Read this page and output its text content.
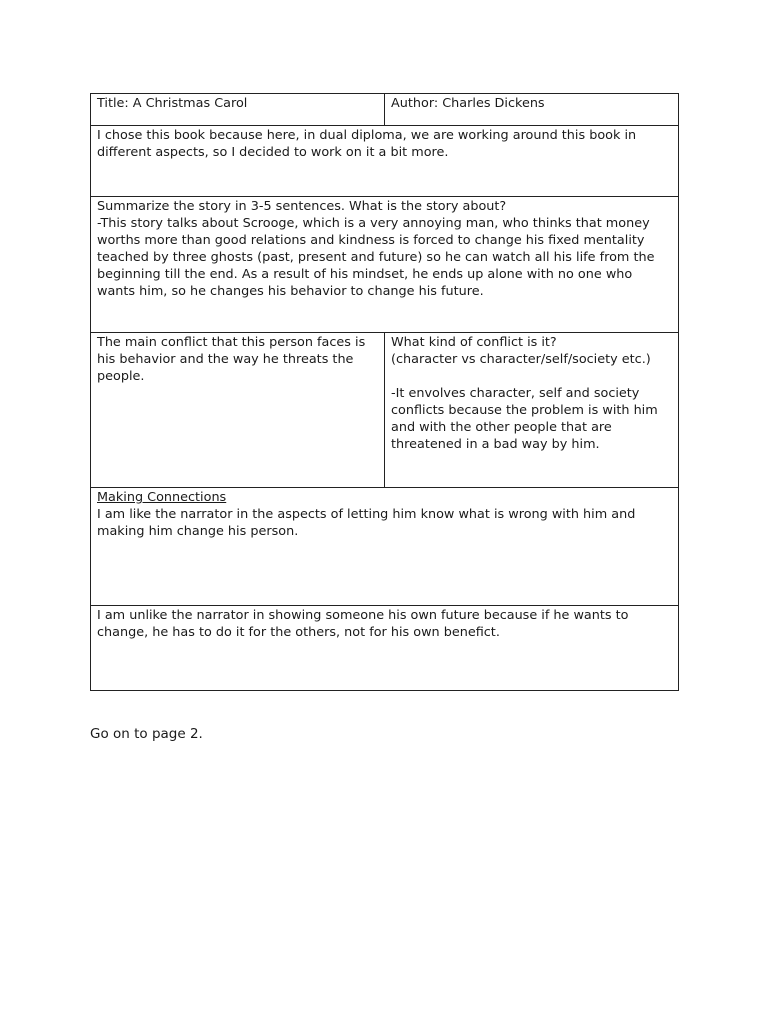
Title: A Christmas Carol	Author: Charles Dickens
I chose this book because here, in dual diploma, we are working around this book in different aspects, so I decided to work on it a bit more.	

Summarize the story in 3-5 sentences. What is the story about?
-This story talks about Scrooge, which is a very annoying man, who thinks that money worths more than good relations and kindness is forced to change his fixed mentality teached by three ghosts (past, present and future) so he can watch all his life from the beginning till the end. As a result of his mindset, he ends up alone with no one who wants him, so he changes his behavior to change his future.	

The main conflict that this person faces is his behavior and the way he threats the people.	What kind of conflict is it?
(character vs character/self/society etc.)
-It envolves character, self and society conflicts because the problem is with him and with the other people that are threatened in a bad way by him.

Making Connections
I am like the narrator in the aspects of letting him know what is wrong with him and making him change his person.	

I am unlike the narrator in showing someone his own future because if he wants to change, he has to do it for the others, not for his own benefict.	
Go on to page 2.
